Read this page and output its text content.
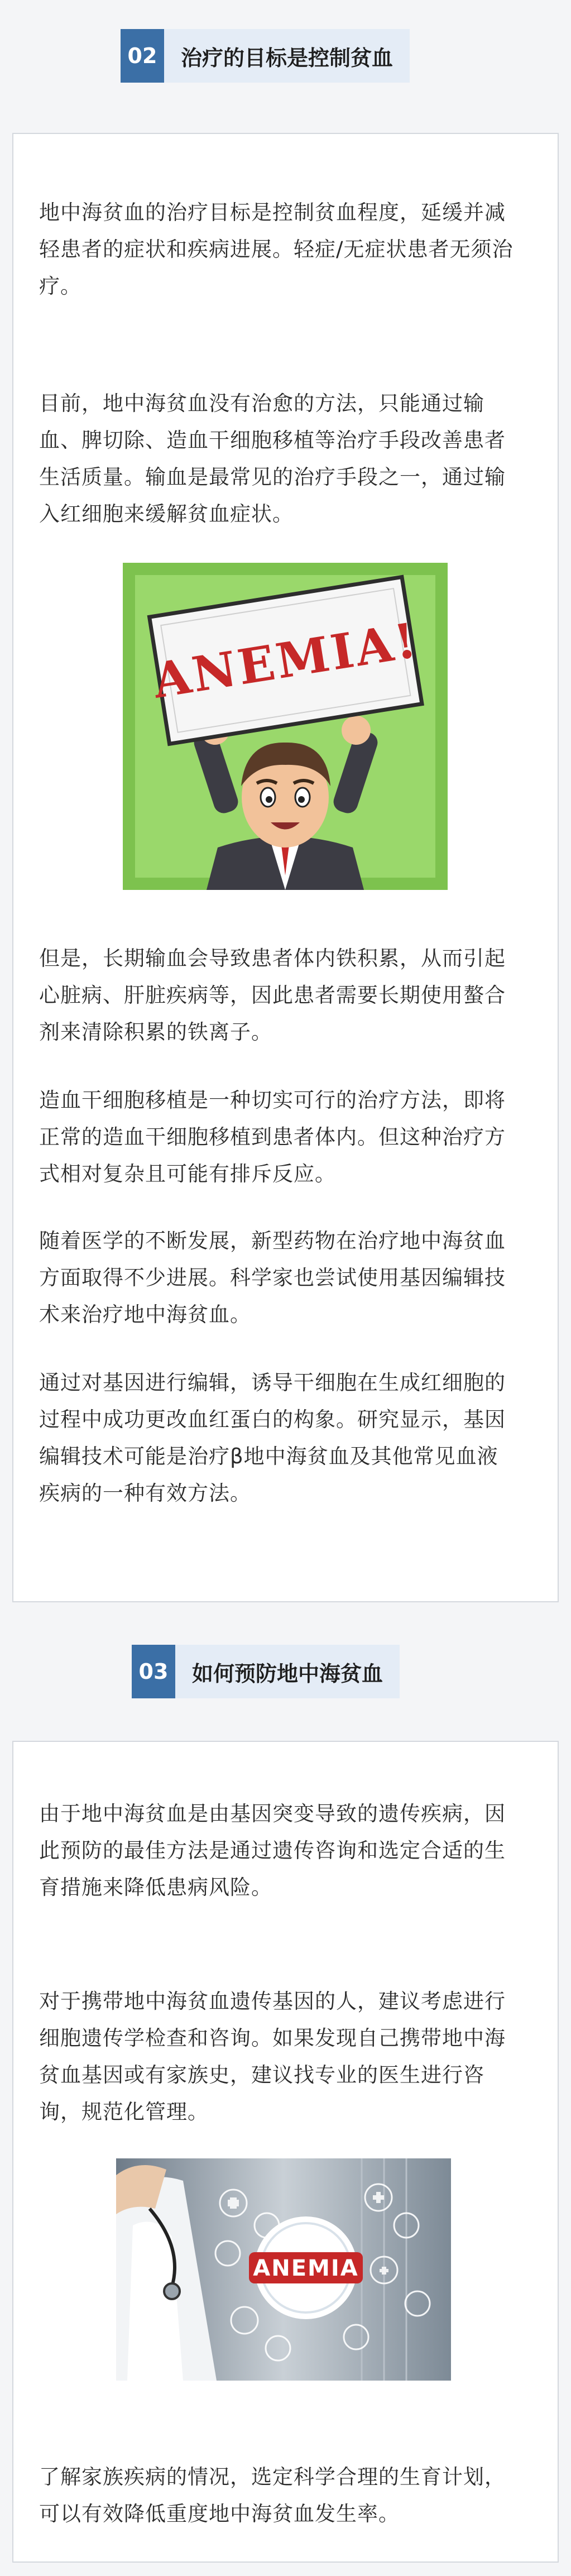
02	治疗的目标是控制贫血

地中海贫血的治疗目标是控制贫血程度，延缓并减轻患者的症状和疾病进展。轻症/无症状患者无须治疗。

目前，地中海贫血没有治愈的方法，只能通过输血、脾切除、造血干细胞移植等治疗手段改善患者生活质量。输血是最常见的治疗手段之一，通过输入红细胞来缓解贫血症状。

ANEMIA!

但是，长期输血会导致患者体内铁积累，从而引起心脏病、肝脏疾病等，因此患者需要长期使用螯合剂来清除积累的铁离子。

造血干细胞移植是一种切实可行的治疗方法，即将正常的造血干细胞移植到患者体内。但这种治疗方式相对复杂且可能有排斥反应。

随着医学的不断发展，新型药物在治疗地中海贫血方面取得不少进展。科学家也尝试使用基因编辑技术来治疗地中海贫血。

通过对基因进行编辑，诱导干细胞在生成红细胞的过程中成功更改血红蛋白的构象。研究显示，基因编辑技术可能是治疗β地中海贫血及其他常见血液疾病的一种有效方法。

03	如何预防地中海贫血

由于地中海贫血是由基因突变导致的遗传疾病，因此预防的最佳方法是通过遗传咨询和选定合适的生育措施来降低患病风险。

对于携带地中海贫血遗传基因的人，建议考虑进行细胞遗传学检查和咨询。如果发现自己携带地中海贫血基因或有家族史，建议找专业的医生进行咨询，规范化管理。

ANEMIA

了解家族疾病的情况，选定科学合理的生育计划，可以有效降低重度地中海贫血发生率。
